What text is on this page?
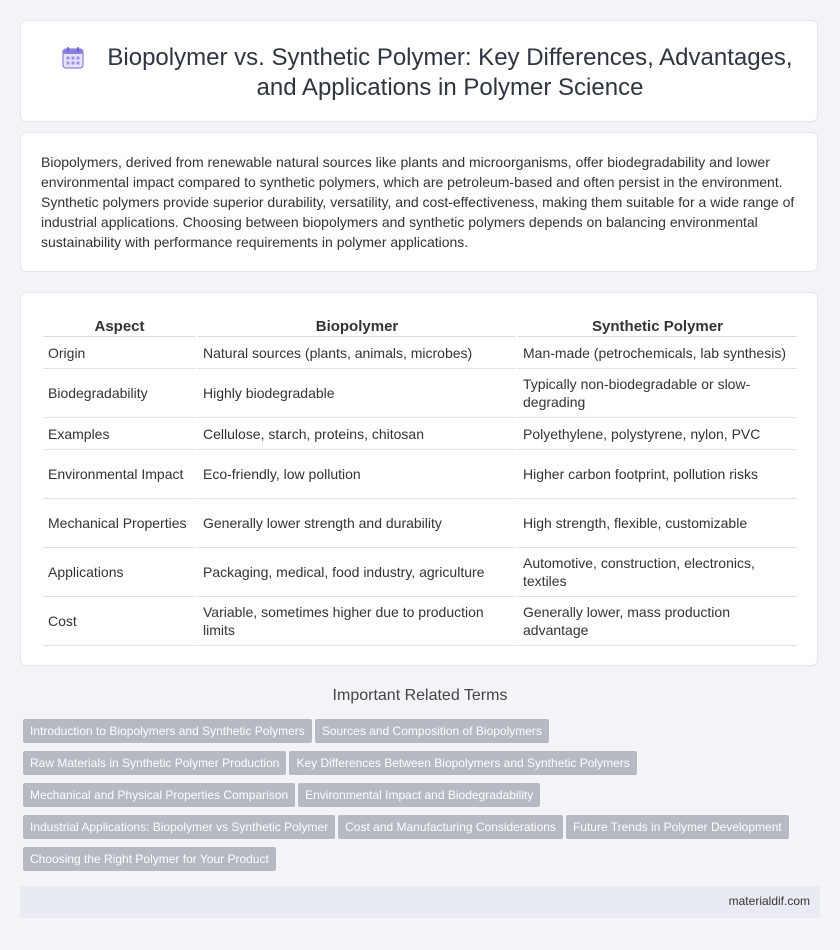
Biopolymer vs. Synthetic Polymer: Key Differences, Advantages, and Applications in Polymer Science

Biopolymers, derived from renewable natural sources like plants and microorganisms, offer biodegradability and lower environmental impact compared to synthetic polymers, which are petroleum-based and often persist in the environment. Synthetic polymers provide superior durability, versatility, and cost-effectiveness, making them suitable for a wide range of industrial applications. Choosing between biopolymers and synthetic polymers depends on balancing environmental sustainability with performance requirements in polymer applications.

Aspect	Biopolymer	Synthetic Polymer
Origin	Natural sources (plants, animals, microbes)	Man-made (petrochemicals, lab synthesis)
Biodegradability	Highly biodegradable	Typically non-biodegradable or slow-degrading
Examples	Cellulose, starch, proteins, chitosan	Polyethylene, polystyrene, nylon, PVC
Environmental Impact	Eco-friendly, low pollution	Higher carbon footprint, pollution risks
Mechanical Properties	Generally lower strength and durability	High strength, flexible, customizable
Applications	Packaging, medical, food industry, agriculture	Automotive, construction, electronics, textiles
Cost	Variable, sometimes higher due to production limits	Generally lower, mass production advantage
Important Related Terms
Introduction to Biopolymers and Synthetic Polymers Sources and Composition of Biopolymers
Raw Materials in Synthetic Polymer Production Key Differences Between Biopolymers and Synthetic Polymers
Mechanical and Physical Properties Comparison Environmental Impact and Biodegradability
Industrial Applications: Biopolymer vs Synthetic Polymer Cost and Manufacturing Considerations Future Trends in Polymer Development
Choosing the Right Polymer for Your Product
materialdif.com
